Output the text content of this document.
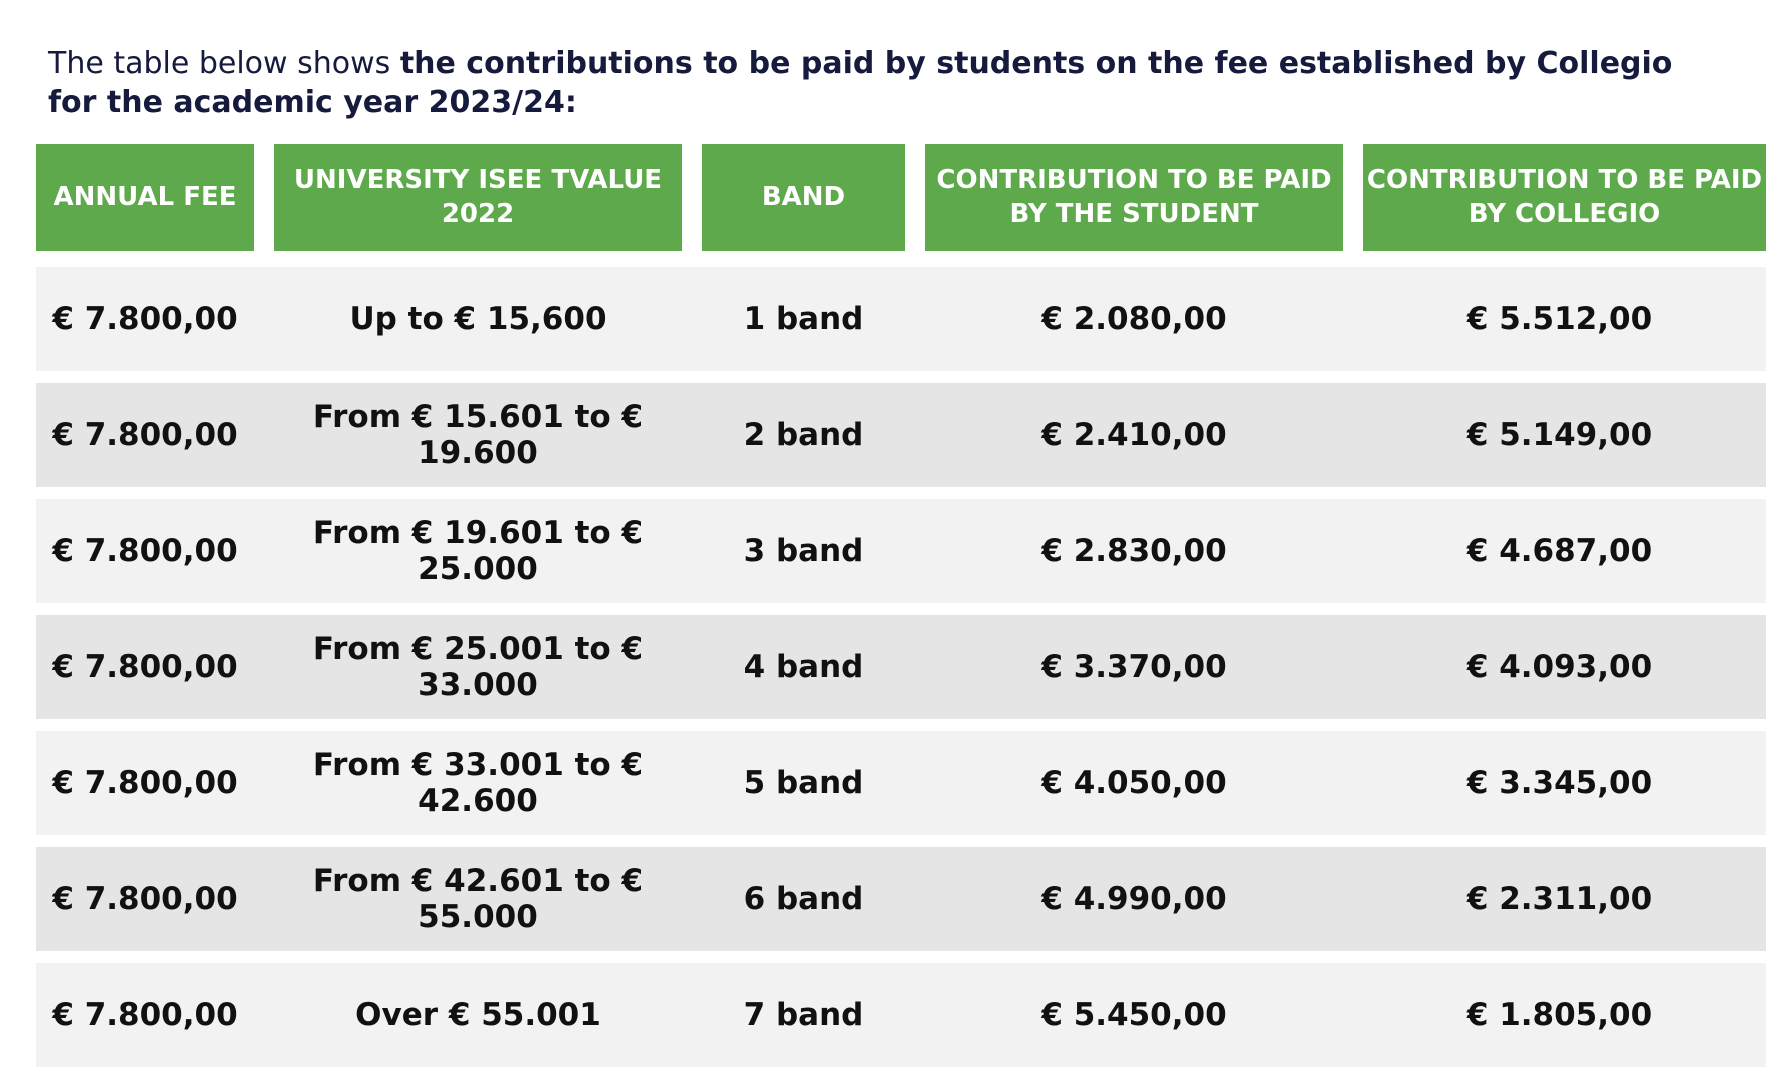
The table below shows the contributions to be paid by students on the fee established by Collegio for the academic year 2023/24:

ANNUAL FEE	UNIVERSITY ISEE TVALUE 2022	BAND	CONTRIBUTION TO BE PAID BY THE STUDENT	CONTRIBUTION TO BE PAID BY COLLEGIO

€ 7.800,00	Up to € 15,600	1 band	€ 2.080,00	€ 5.512,00

€ 7.800,00	From € 15.601 to € 19.600	2 band	€ 2.410,00	€ 5.149,00

€ 7.800,00	From € 19.601 to € 25.000	3 band	€ 2.830,00	€ 4.687,00

€ 7.800,00	From € 25.001 to € 33.000	4 band	€ 3.370,00	€ 4.093,00

€ 7.800,00	From € 33.001 to € 42.600	5 band	€ 4.050,00	€ 3.345,00

€ 7.800,00	From € 42.601 to € 55.000	6 band	€ 4.990,00	€ 2.311,00

€ 7.800,00	Over € 55.001	7 band	€ 5.450,00	€ 1.805,00
